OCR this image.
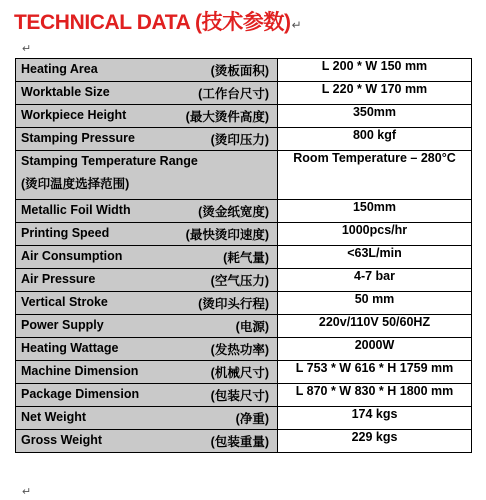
TECHNICAL DATA (技术参数)↵
↵
Heating Area (烫板面积)	L 200 * W 150 mm

Worktable Size (工作台尺寸)	L 220 * W 170 mm

Workpiece Height (最大烫件高度)	350mm

Stamping Pressure (烫印压力)	800 kgf

Stamping Temperature Range
(烫印温度选择范围)	Room Temperature – 280°C

Metallic Foil Width (烫金纸宽度)	150mm

Printing Speed (最快烫印速度)	1000pcs/hr

Air Consumption (耗气量)	<63L/min

Air Pressure (空气压力)	4-7 bar

Vertical Stroke (烫印头行程)	50 mm

Power Supply (电源)	220v/110V 50/60HZ

Heating Wattage (发热功率)	2000W

Machine Dimension (机械尺寸)	L 753 * W 616 * H 1759 mm

Package Dimension (包装尺寸)	L 870 * W 830 * H 1800 mm

Net Weight (净重)	174 kgs

Gross Weight (包装重量)	229 kgs
↵
